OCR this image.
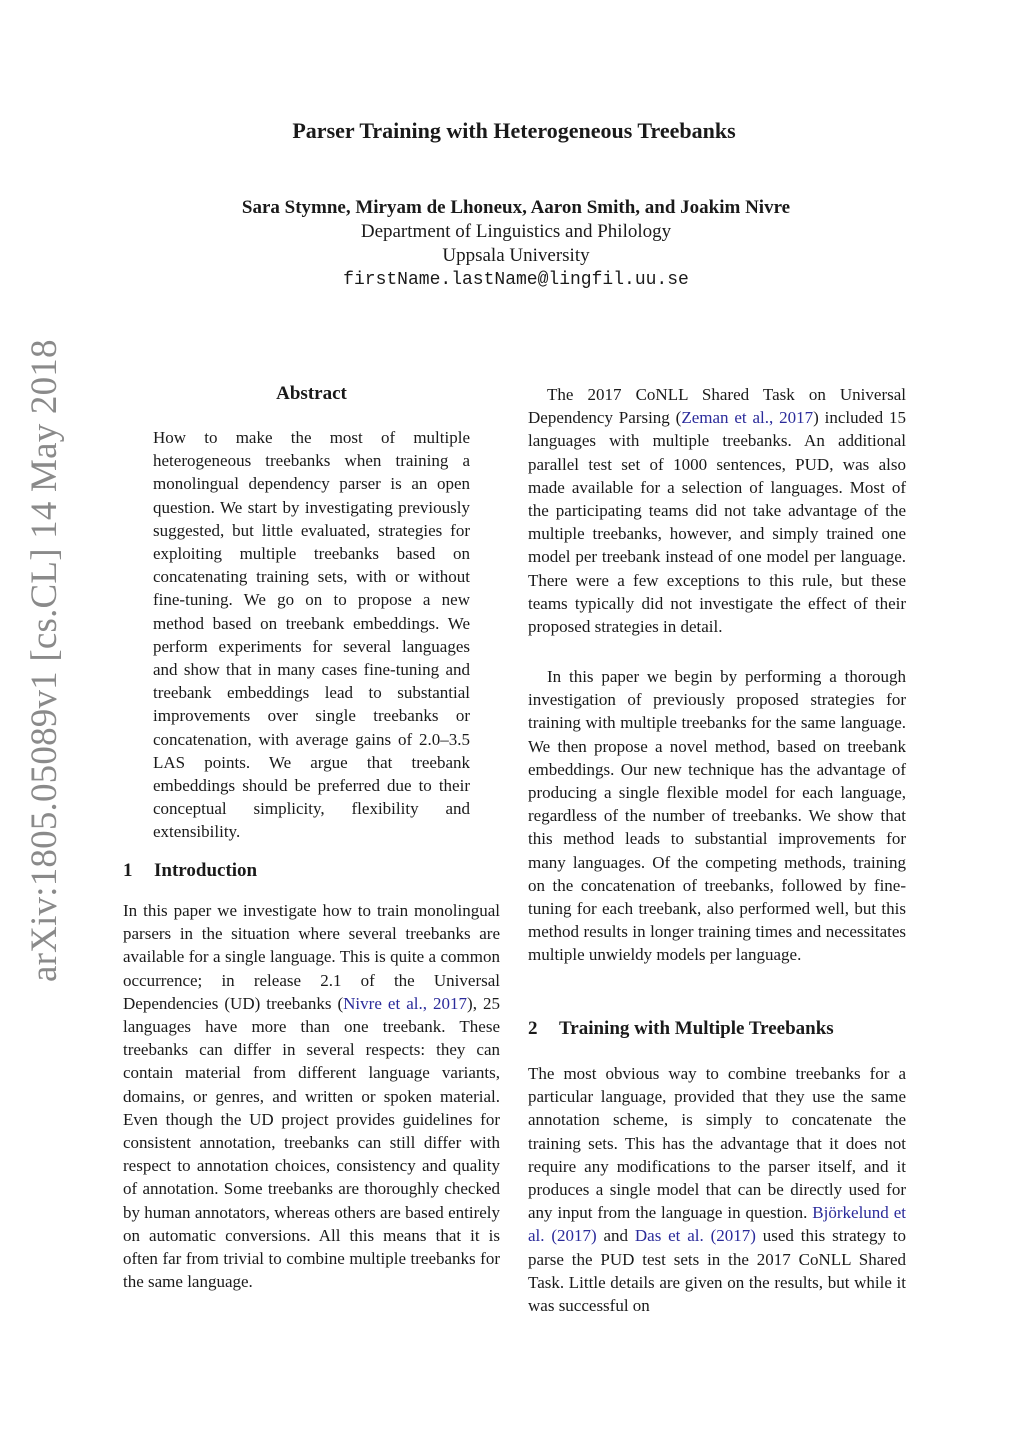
arXiv:1805.05089v1 [cs.CL] 14 May 2018
Parser Training with Heterogeneous Treebanks
Sara Stymne, Miryam de Lhoneux, Aaron Smith, and Joakim Nivre
Department of Linguistics and Philology
Uppsala University
firstName.lastName@lingfil.uu.se
Abstract

How to make the most of multiple heterogeneous treebanks when training a monolingual dependency parser is an open question. We start by investigating previously suggested, but little evaluated, strategies for exploiting multiple treebanks based on concatenating training sets, with or without fine-tuning. We go on to propose a new method based on treebank embeddings. We perform experiments for several languages and show that in many cases fine-tuning and treebank embeddings lead to substantial improvements over single treebanks or concatenation, with average gains of 2.0–3.5 LAS points. We argue that treebank embeddings should be preferred due to their conceptual simplicity, flexibility and extensibility.

1 Introduction

In this paper we investigate how to train monolingual parsers in the situation where several treebanks are available for a single language. This is quite a common occurrence; in release 2.1 of the Universal Dependencies (UD) treebanks (Nivre et al., 2017), 25 languages have more than one treebank. These treebanks can differ in several respects: they can contain material from different language variants, domains, or genres, and written or spoken material. Even though the UD project provides guidelines for consistent annotation, treebanks can still differ with respect to annotation choices, consistency and quality of annotation. Some treebanks are thoroughly checked by human annotators, whereas others are based entirely on automatic conversions. All this means that it is often far from trivial to combine multiple treebanks for the same language.

The 2017 CoNLL Shared Task on Universal Dependency Parsing (Zeman et al., 2017) included 15 languages with multiple treebanks. An additional parallel test set of 1000 sentences, PUD, was also made available for a selection of languages. Most of the participating teams did not take advantage of the multiple treebanks, however, and simply trained one model per treebank instead of one model per language. There were a few exceptions to this rule, but these teams typically did not investigate the effect of their proposed strategies in detail.

In this paper we begin by performing a thorough investigation of previously proposed strategies for training with multiple treebanks for the same language. We then propose a novel method, based on treebank embeddings. Our new technique has the advantage of producing a single flexible model for each language, regardless of the number of treebanks. We show that this method leads to substantial improvements for many languages. Of the competing methods, training on the concatenation of treebanks, followed by fine-tuning for each treebank, also performed well, but this method results in longer training times and necessitates multiple unwieldy models per language.

2 Training with Multiple Treebanks

The most obvious way to combine treebanks for a particular language, provided that they use the same annotation scheme, is simply to concatenate the training sets. This has the advantage that it does not require any modifications to the parser itself, and it produces a single model that can be directly used for any input from the language in question. Björkelund et al. (2017) and Das et al. (2017) used this strategy to parse the PUD test sets in the 2017 CoNLL Shared Task. Little details are given on the results, but while it was successful on
